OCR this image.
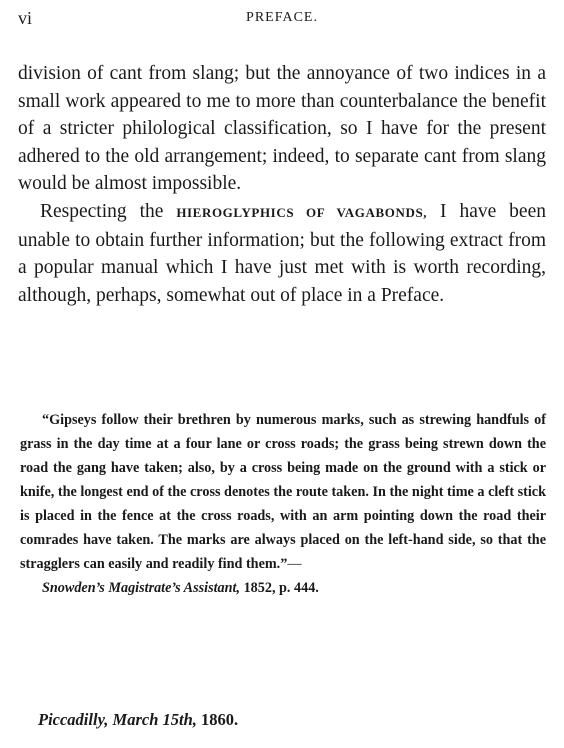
vi	PREFACE.

division of cant from slang; but the annoyance of two indices in a small work appeared to me to more than counterbalance the benefit of a stricter philological classification, so I have for the present adhered to the old arrangement; indeed, to separate cant from slang would be almost impossible.

Respecting the HIEROGLYPHICS OF VAGABONDS, I have been unable to obtain further information; but the following extract from a popular manual which I have just met with is worth recording, although, perhaps, somewhat out of place in a Preface.

“Gipseys follow their brethren by numerous marks, such as strewing handfuls of grass in the day time at a four lane or cross roads; the grass being strewn down the road the gang have taken; also, by a cross being made on the ground with a stick or knife, the longest end of the cross denotes the route taken. In the night time a cleft stick is placed in the fence at the cross roads, with an arm pointing down the road their comrades have taken. The marks are always placed on the left-hand side, so that the stragglers can easily and readily find them.”—

Snowden’s Magistrate’s Assistant, 1852, p. 444.

Piccadilly, March 15th, 1860.
